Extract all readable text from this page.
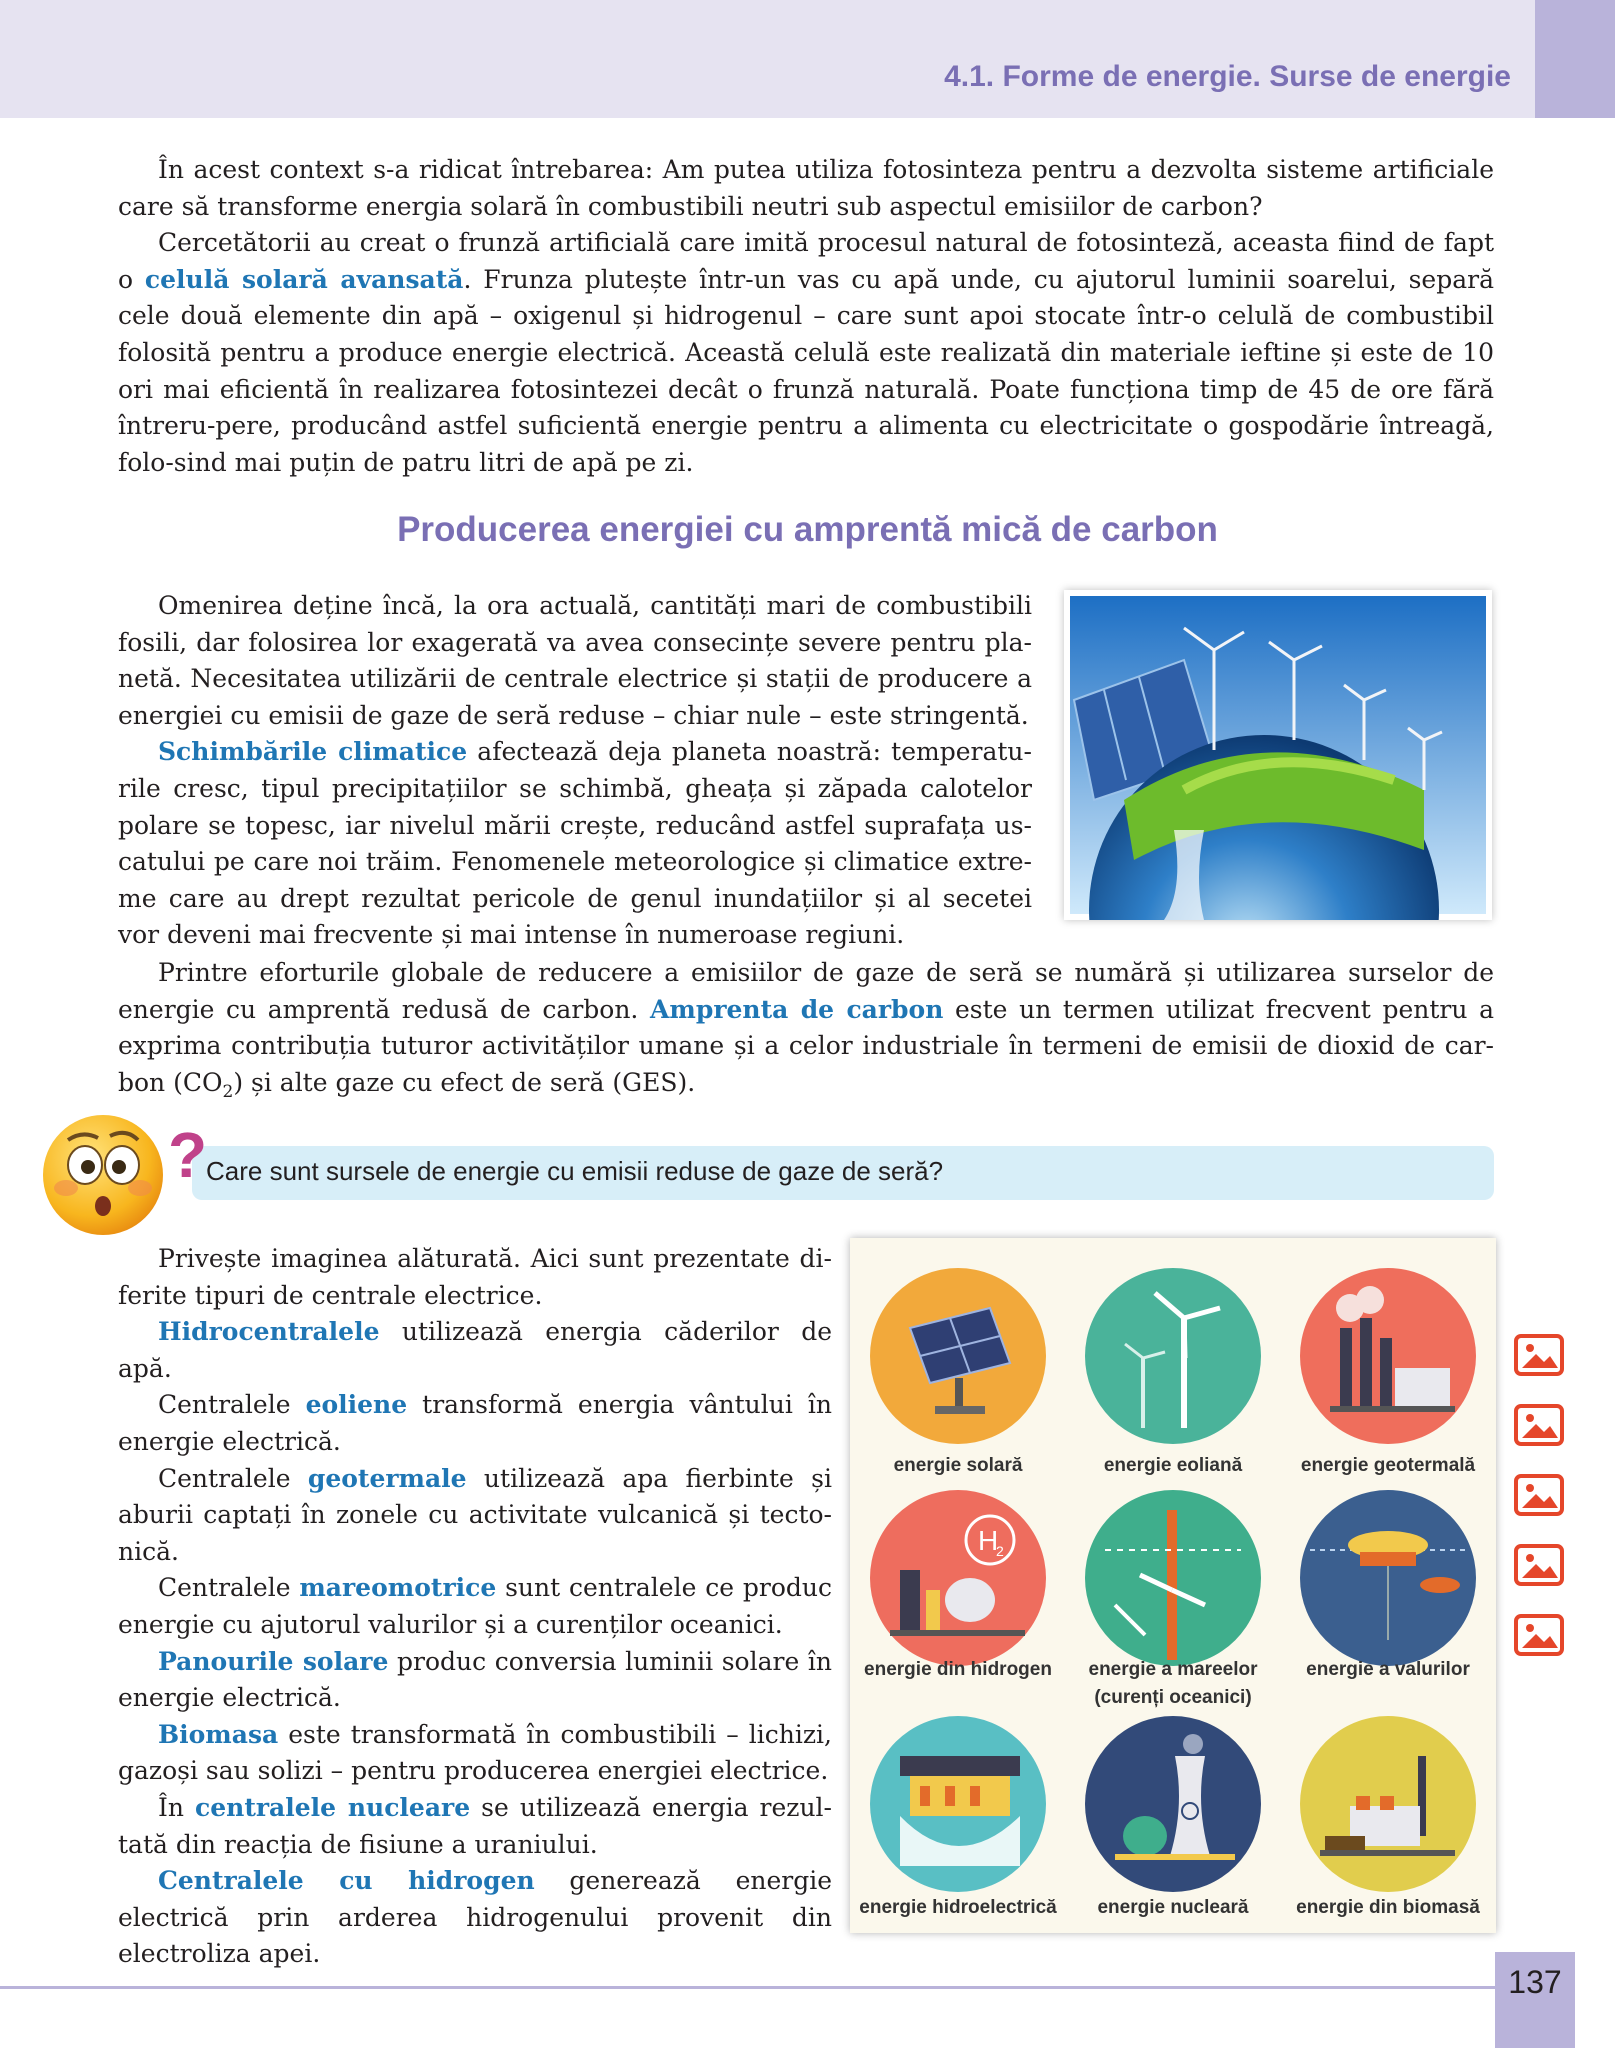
4.1. Forme de energie. Surse de energie

În acest context s-a ridicat întrebarea: Am putea utiliza fotosinteza pentru a dezvolta sisteme artificiale care să transforme energia solară în combustibili neutri sub aspectul emisiilor de carbon?

Cercetătorii au creat o frunză artificială care imită procesul natural de fotosinteză, aceasta fiind de fapt o celulă solară avansată. Frunza plutește într-un vas cu apă unde, cu ajutorul luminii soarelui, separă cele două elemente din apă – oxigenul și hidrogenul – care sunt apoi stocate într-o celulă de combustibil folosită pentru a produce energie electrică. Această celulă este realizată din materiale ieftine și este de 10 ori mai eficientă în realizarea fotosintezei decât o frunză naturală. Poate funcționa timp de 45 de ore fără întreru-pere, producând astfel suficientă energie pentru a alimenta cu electricitate o gospodărie întreagă, folo-sind mai puțin de patru litri de apă pe zi.

Producerea energiei cu amprentă mică de carbon

Omenirea deține încă, la ora actuală, cantități mari de combustibili fosili, dar folosirea lor exagerată va avea consecințe severe pentru pla-netă. Necesitatea utilizării de centrale electrice și stații de producere a energiei cu emisii de gaze de seră reduse – chiar nule – este stringentă.

Schimbările climatice afectează deja planeta noastră: temperatu-rile cresc, tipul precipitațiilor se schimbă, gheața și zăpada calotelor polare se topesc, iar nivelul mării crește, reducând astfel suprafața us-catului pe care noi trăim. Fenomenele meteorologice și climatice extre-me care au drept rezultat pericole de genul inundațiilor și al secetei vor deveni mai frecvente și mai intense în numeroase regiuni.

Printre eforturile globale de reducere a emisiilor de gaze de seră se numără și utilizarea surselor de energie cu amprentă redusă de carbon. Amprenta de carbon este un termen utilizat frecvent pentru a exprima contribuția tuturor activităților umane și a celor industriale în termeni de emisii de dioxid de car-bon $(CO_2)$ și alte gaze cu efect de seră (GES).

?
Care sunt sursele de energie cu emisii reduse de gaze de seră?

Privește imaginea alăturată. Aici sunt prezentate di-ferite tipuri de centrale electrice.

Hidrocentralele utilizează energia căderilor de apă.

Centralele eoliene transformă energia vântului în energie electrică.

Centralele geotermale utilizează apa fierbinte și aburii captați în zonele cu activitate vulcanică și tecto-nică.

Centralele mareomotrice sunt centralele ce produc energie cu ajutorul valurilor și a curenților oceanici.

Panourile solare produc conversia luminii solare în energie electrică.

Biomasa este transformată în combustibili – lichizi, gazoși sau solizi – pentru producerea energiei electrice.

În centralele nucleare se utilizează energia rezul-tată din reacția de fisiune a uraniului.

Centralele cu hidrogen generează energie electrică prin arderea hidrogenului provenit din electroliza apei.

H
2
energie solară	energie eoliană	energie geotermală
energie din hidrogen	energie a mareelor
(curenți oceanici)
energie a valurilor
energie hidroelectrică	energie nucleară	energie din biomasă
137
